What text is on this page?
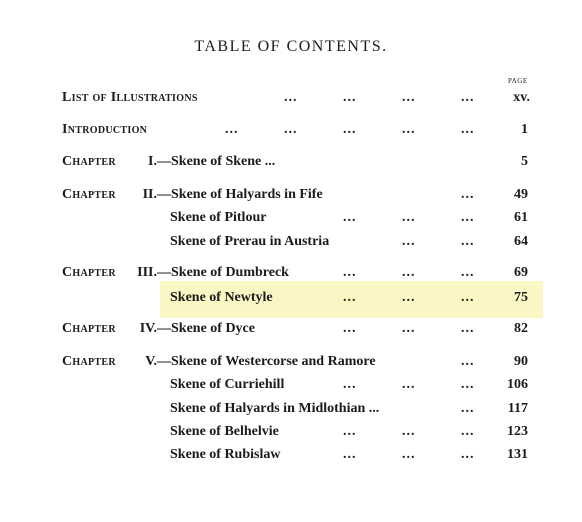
TABLE OF CONTENTS.
PAGE
List of Illustrations	...	...	...	...	xv.
Introduction	...	...	...	...	...	1
Chapter	I. —Skene of Skene ...	5
Chapter	II. —Skene of Halyards in Fife	...	49
Skene of Pitlour	...	...	...	61
Skene of Prerau in Austria	...	...	64
Chapter	III. —Skene of Dumbreck	...	...	...	69
Skene of Newtyle	...	...	...	75
Chapter	IV. —Skene of Dyce	...	...	...	82
Chapter	V. —Skene of Westercorse and Ramore	...	90
Skene of Curriehill	...	...	...	106
Skene of Halyards in Midlothian ...	...	117
Skene of Belhelvie	...	...	...	123
Skene of Rubislaw	...	...	...	131
